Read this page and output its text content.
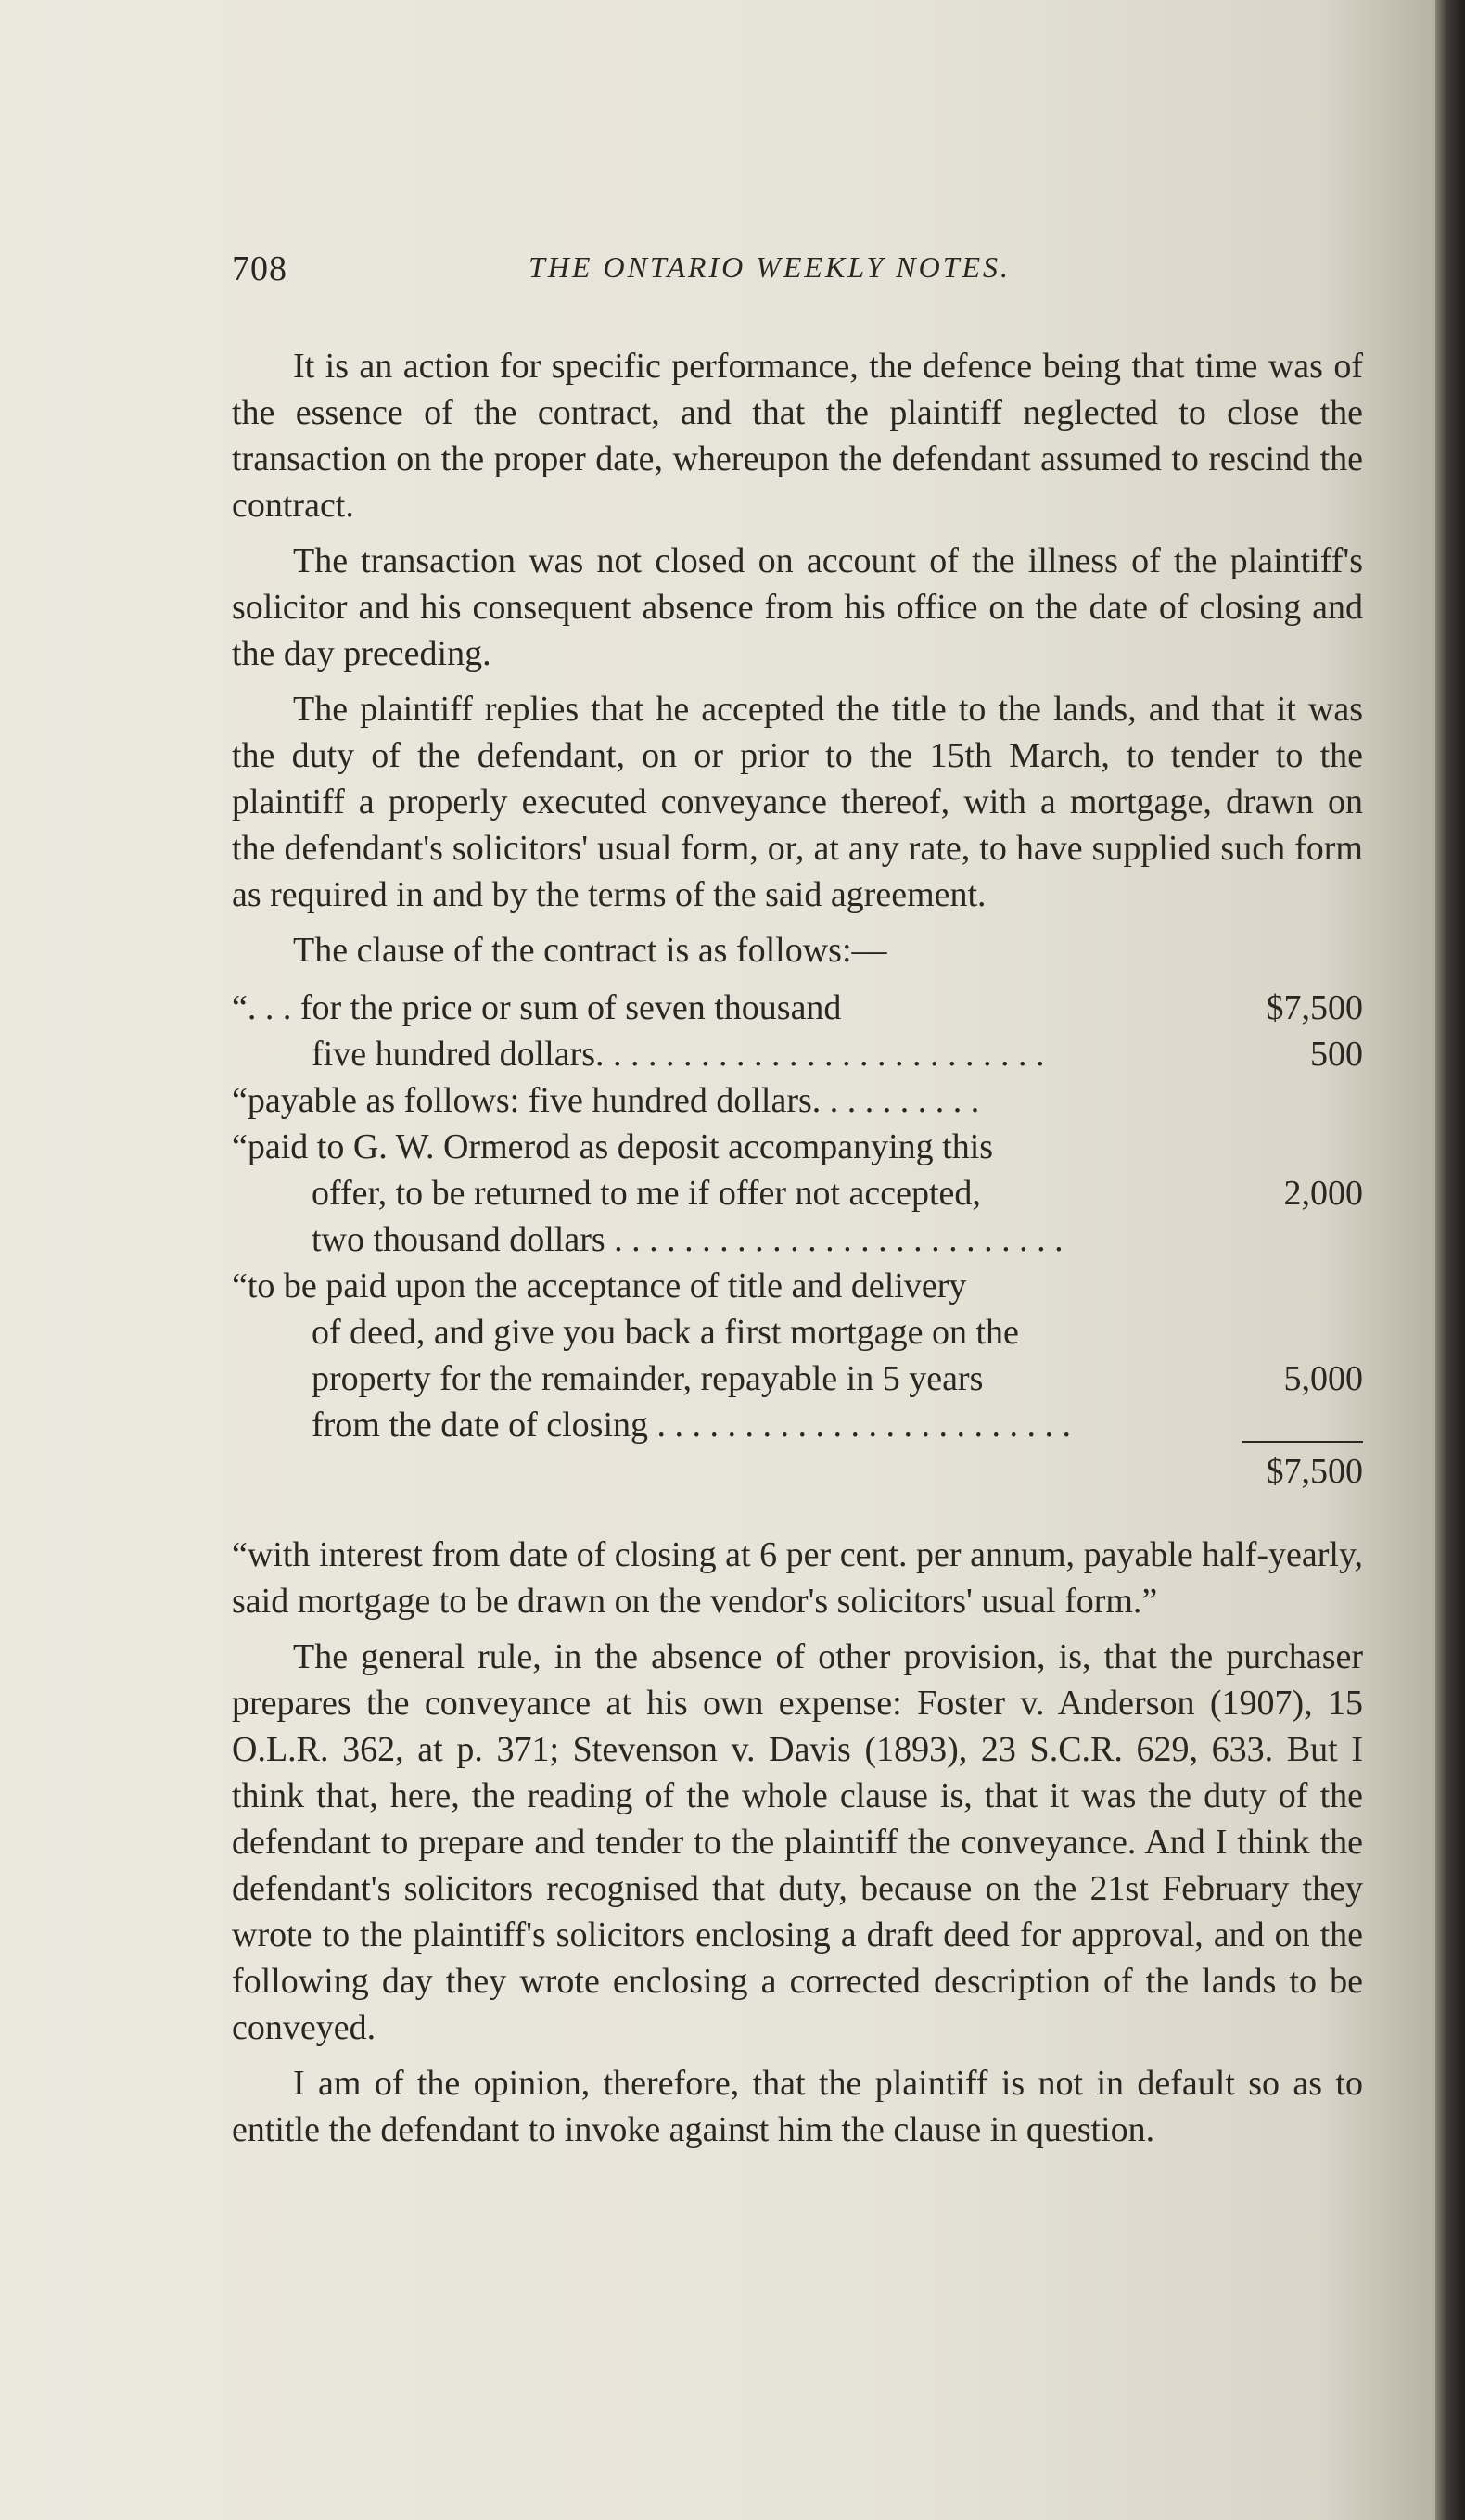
708	THE ONTARIO WEEKLY NOTES.

It is an action for specific performance, the defence being that time was of the essence of the contract, and that the plaintiff neglected to close the transaction on the proper date, whereupon the defendant assumed to rescind the contract.

The transaction was not closed on account of the illness of the plaintiff's solicitor and his consequent absence from his office on the date of closing and the day preceding.

The plaintiff replies that he accepted the title to the lands, and that it was the duty of the defendant, on or prior to the 15th March, to tender to the plaintiff a properly executed conveyance thereof, with a mortgage, drawn on the defendant's solicitors' usual form, or, at any rate, to have supplied such form as required in and by the terms of the said agreement.

The clause of the contract is as follows:—

“. . . for the price or sum of seven thousand	$7,500
five hundred dollars. . . . . . . . . . . . . . . . . . . . . . . . . .	500
“payable as follows: five hundred dollars. . . . . . . . . .
“paid to G. W. Ormerod as deposit accompanying this
offer, to be returned to me if offer not accepted,	2,000
two thousand dollars . . . . . . . . . . . . . . . . . . . . . . . . . .
“to be paid upon the acceptance of title and delivery
of deed, and give you back a first mortgage on the
property for the remainder, repayable in 5 years	5,000
from the date of closing . . . . . . . . . . . . . . . . . . . . . . . .
$7,500

“with interest from date of closing at 6 per cent. per annum, payable half-yearly, said mortgage to be drawn on the vendor's solicitors' usual form.”

The general rule, in the absence of other provision, is, that the purchaser prepares the conveyance at his own expense: Foster v. Anderson (1907), 15 O.L.R. 362, at p. 371; Stevenson v. Davis (1893), 23 S.C.R. 629, 633. But I think that, here, the reading of the whole clause is, that it was the duty of the defendant to prepare and tender to the plaintiff the conveyance. And I think the defendant's solicitors recognised that duty, because on the 21st February they wrote to the plaintiff's solicitors enclosing a draft deed for approval, and on the following day they wrote enclosing a corrected description of the lands to be conveyed.

I am of the opinion, therefore, that the plaintiff is not in default so as to entitle the defendant to invoke against him the clause in question.
